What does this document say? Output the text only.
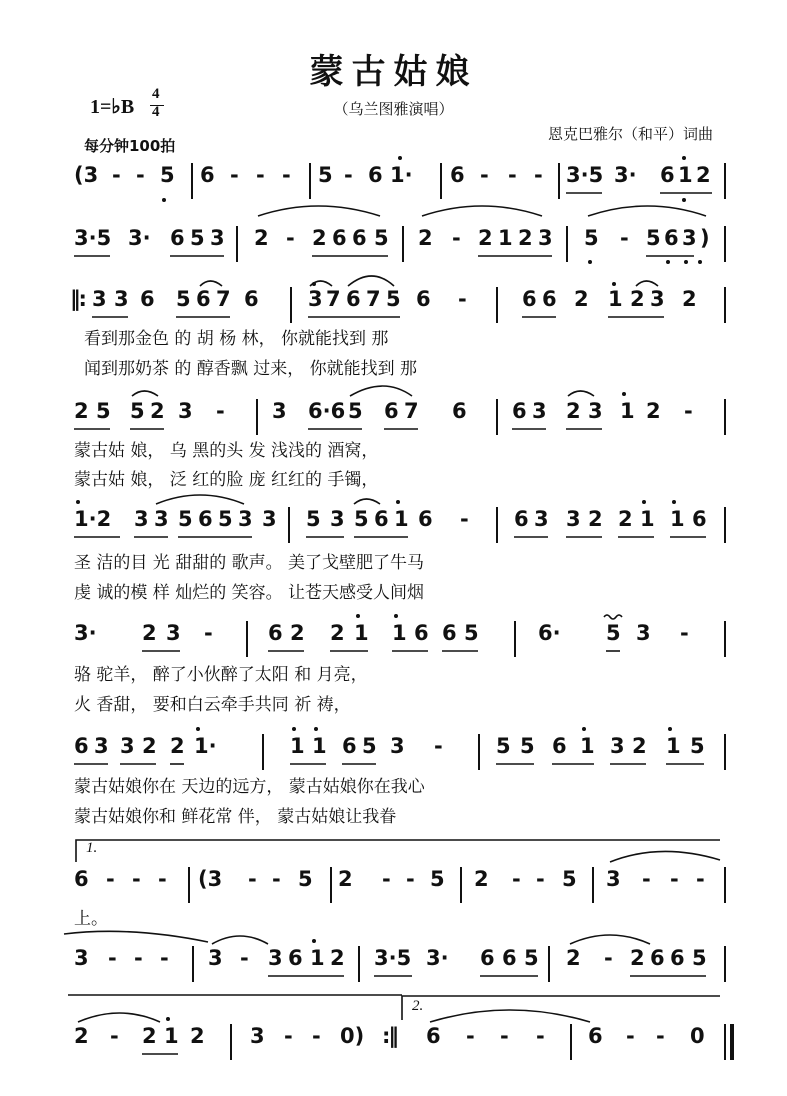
蒙古姑娘
（乌兰图雅演唱）
1=♭B
4
4
每分钟100拍
恩克巴雅尔（和平）词曲
(3 - - 5 6 - - - 5 - 6 1· 6 - - - 3·5 3· 6 1 2
3·5 3· 6 5 3 2 - 2 6 6 5 2 - 2 1 2 3 5 - 5 6 3 )
‖: 3 3 6 5 6 7 6 3 7 6 7 5 6 -	6 6 2 1 2 3 2
2 5 5 2 3 - 3 6·6 5 6 7 6 6 3 2 3 1 2 -
1·2 3 3 5 6 5 3 3 5 3 5 6 1 6 - 6 3 3 2 2 1 1 6
3· 2 3 -	6 2 2 1 1 6 6 5	6· 5 3 -
6 3 3 2 2 1·	1 1 6 5 3 -	5 5 6 1 3 2 1 5
6 - - - (3 - - 5 2 - - 5 2 - - 5 3 - - -
3 - - - 3 - 3 6 1 2 3·5 3· 6 6 5 2 - 2 6 6 5
2 - 2 1 2 3 - - 0) :‖ 6 - - - 6 - - 0
看到那金色 的 胡 杨 林， 你就能找到 那
闻到那奶茶 的 醇香飘 过来， 你就能找到 那
蒙古姑 娘， 乌 黑的头 发 浅浅的 酒窝，
蒙古姑 娘， 泛 红的脸 庞 红红的 手镯，
圣 洁的目 光 甜甜的 歌声。 美了戈壁肥了牛马
虔 诚的模 样 灿烂的 笑容。 让苍天感受人间烟
骆 驼羊， 醉了小伙醉了太阳 和 月亮，
火 香甜， 要和白云牵手共同 祈 祷，
蒙古姑娘你在 天边的远方， 蒙古姑娘你在我心
蒙古姑娘你和 鲜花常 伴， 蒙古姑娘让我眷
上。
1.
2.
